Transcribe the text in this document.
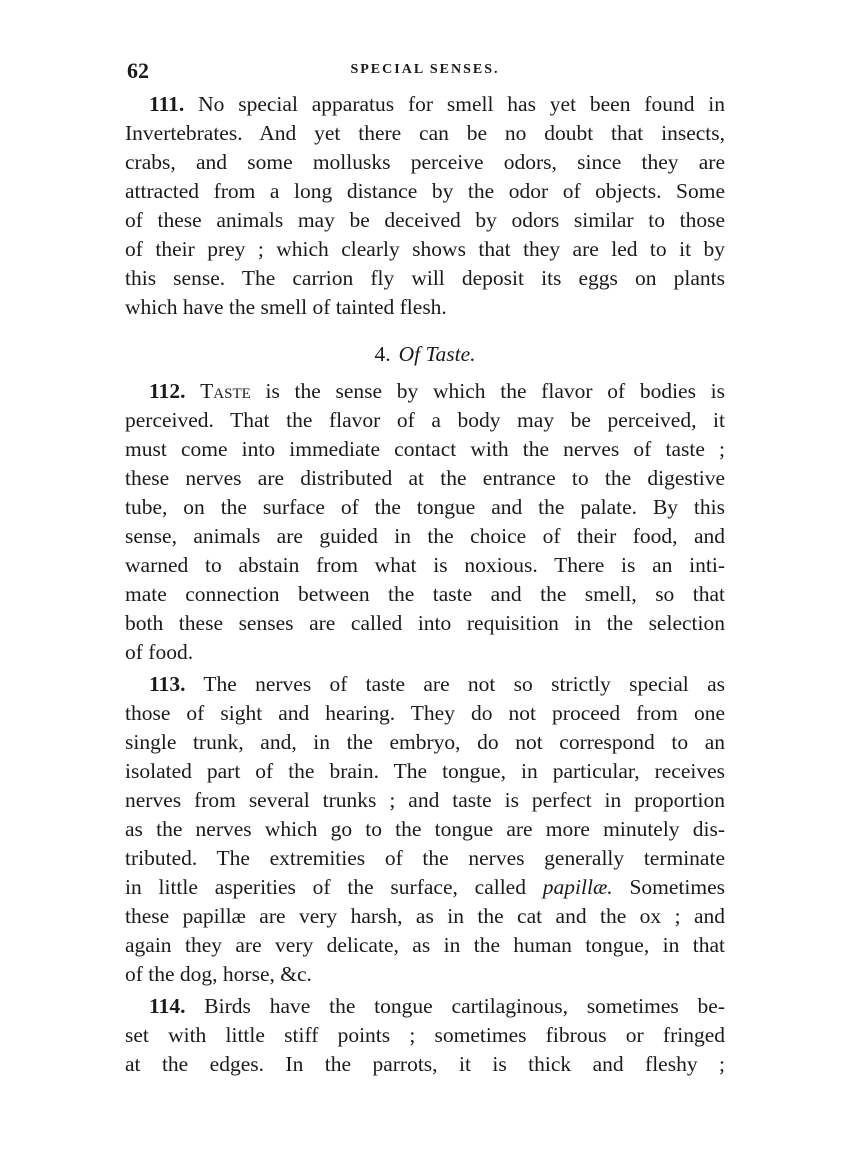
62	SPECIAL SENSES.
111. No special apparatus for smell has yet been found in
Invertebrates. And yet there can be no doubt that insects,
crabs, and some mollusks perceive odors, since they are
attracted from a long distance by the odor of objects. Some
of these animals may be deceived by odors similar to those
of their prey ; which clearly shows that they are led to it by
this sense. The carrion fly will deposit its eggs on plants
which have the smell of tainted flesh.
4. Of Taste.
112. Taste is the sense by which the flavor of bodies is
perceived. That the flavor of a body may be perceived, it
must come into immediate contact with the nerves of taste ;
these nerves are distributed at the entrance to the digestive
tube, on the surface of the tongue and the palate. By this
sense, animals are guided in the choice of their food, and
warned to abstain from what is noxious. There is an inti-
mate connection between the taste and the smell, so that
both these senses are called into requisition in the selection
of food.
113. The nerves of taste are not so strictly special as
those of sight and hearing. They do not proceed from one
single trunk, and, in the embryo, do not correspond to an
isolated part of the brain. The tongue, in particular, receives
nerves from several trunks ; and taste is perfect in proportion
as the nerves which go to the tongue are more minutely dis-
tributed. The extremities of the nerves generally terminate
in little asperities of the surface, called papillæ. Sometimes
these papillæ are very harsh, as in the cat and the ox ; and
again they are very delicate, as in the human tongue, in that
of the dog, horse, &c.
114. Birds have the tongue cartilaginous, sometimes be-
set with little stiff points ; sometimes fibrous or fringed
at the edges. In the parrots, it is thick and fleshy ;
